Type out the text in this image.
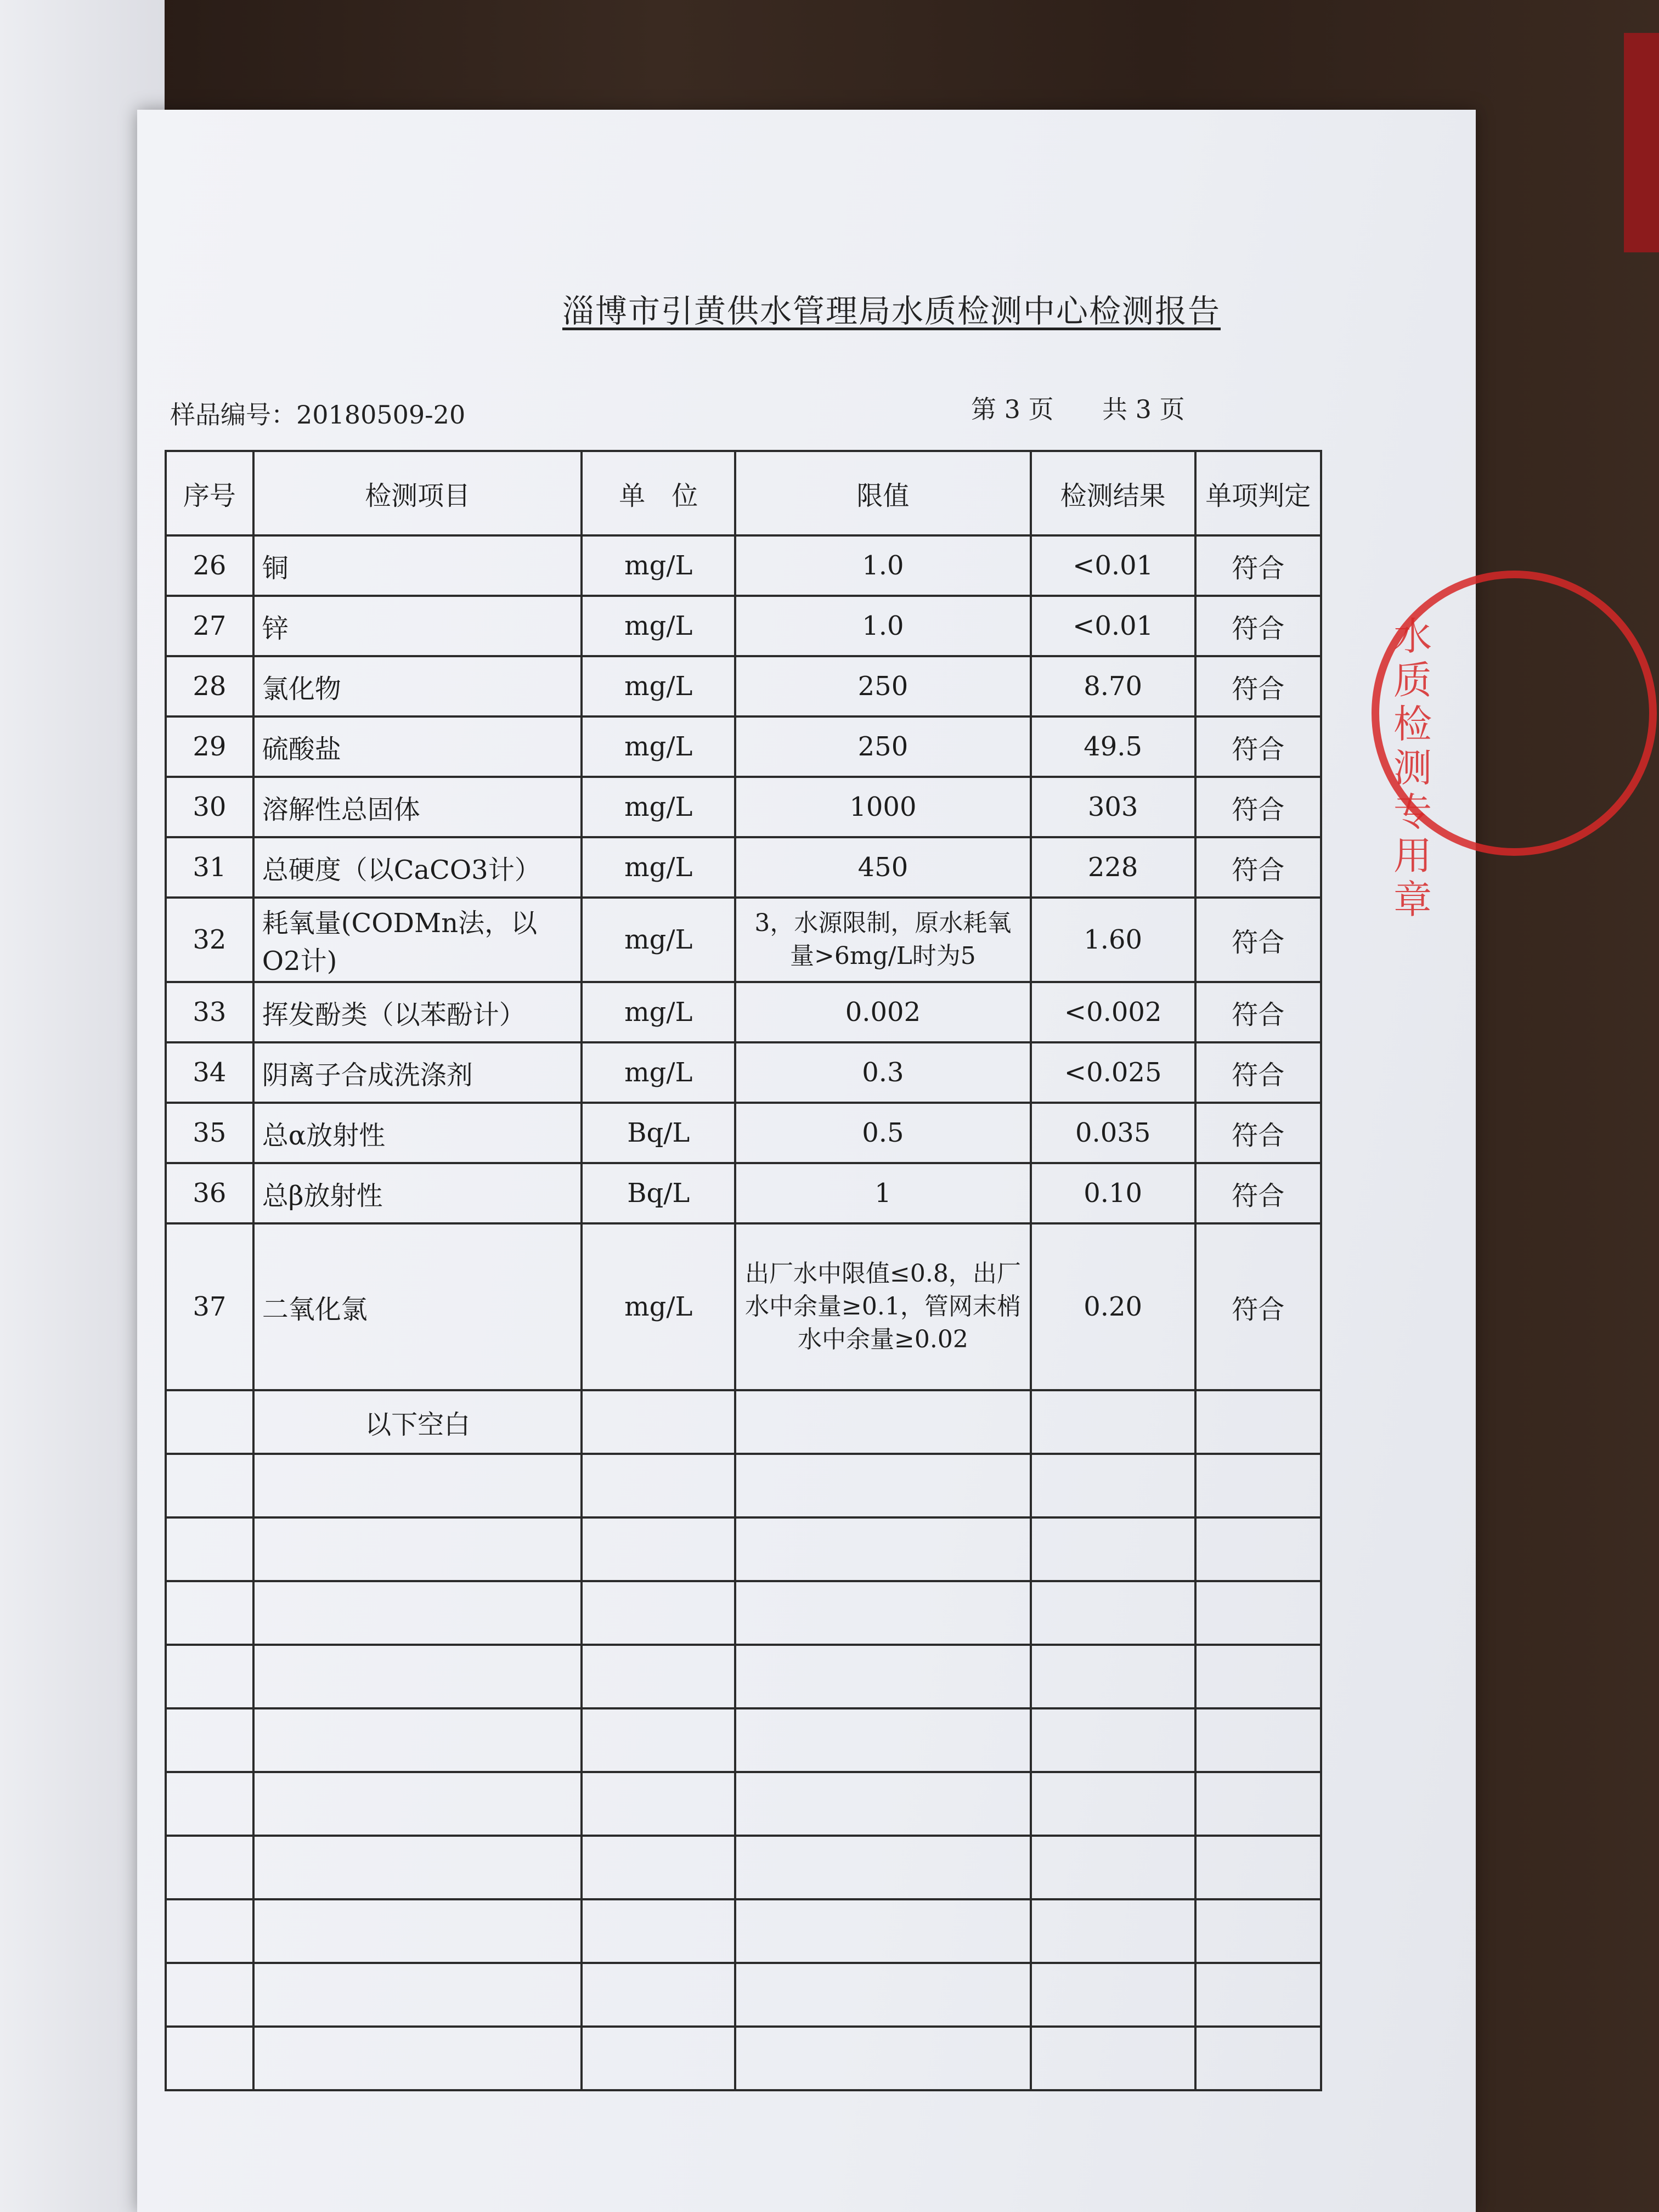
淄博市引黄供水管理局水质检测中心检测报告
样品编号：20180509-20	第 3 页 共 3 页
序号	检测项目	单　位	限值	检测结果	单项判定
26	铜	mg/L	1.0	<0.01	符合
27	锌	mg/L	1.0	<0.01	符合
28	氯化物	mg/L	250	8.70	符合
29	硫酸盐	mg/L	250	49.5	符合
30	溶解性总固体	mg/L	1000	303	符合
31	总硬度（以CaCO3计）	mg/L	450	228	符合
32	耗氧量(CODMn法，以O2计)	mg/L	3，水源限制，原水耗氧量>6mg/L时为5	1.60	符合
33	挥发酚类（以苯酚计）	mg/L	0.002	<0.002	符合
34	阴离子合成洗涤剂	mg/L	0.3	<0.025	符合
35	总α放射性	Bq/L	0.5	0.035	符合
36	总β放射性	Bq/L	1	0.10	符合
37	二氧化氯	mg/L	出厂水中限值≤0.8，出厂水中余量≥0.1，管网末梢水中余量≥0.02	0.20	符合
	以下空白				

水质检测专用章
